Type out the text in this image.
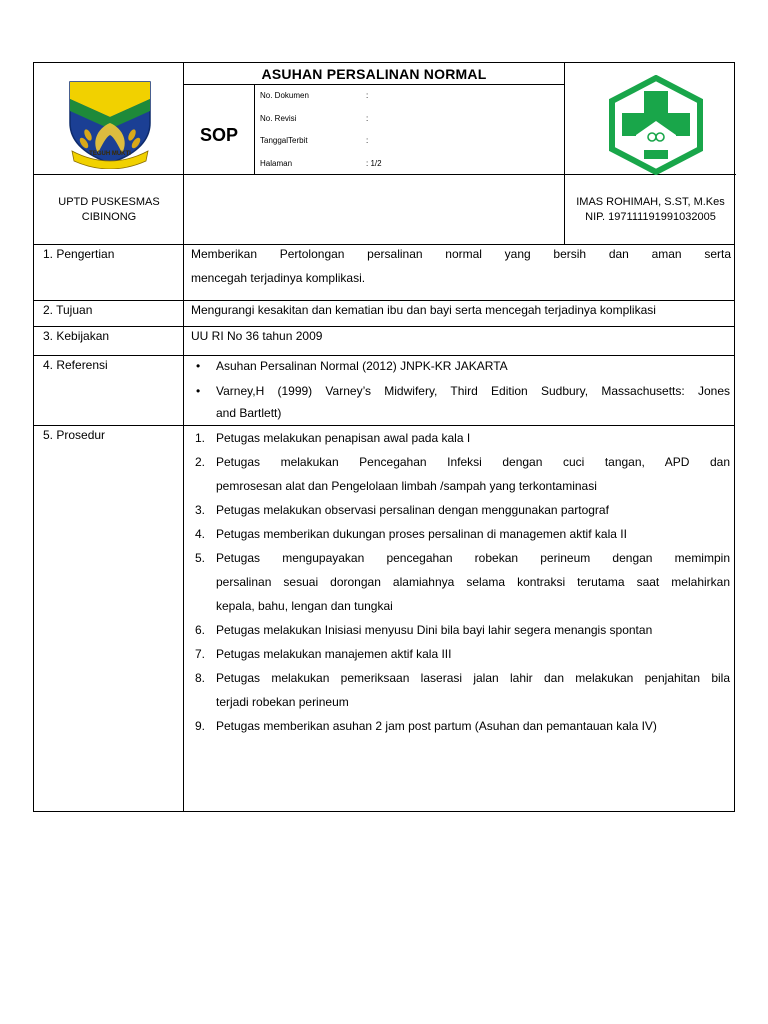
TEGUH MUKTI
ASUHAN PERSALINAN NORMAL
SOP
No. Dokumen	:
No. Revisi	:
TanggalTerbit	:
Halaman	: 1/2
UPTD PUSKESMAS
CIBINONG
IMAS ROHIMAH, S.ST, M.Kes
NIP. 197111191991032005
1. Pengertian	Memberikan Pertolongan persalinan normal yang bersih dan aman serta
mencegah terjadinya komplikasi.
2. Tujuan	Mengurangi kesakitan dan kematian ibu dan bayi serta mencegah terjadinya komplikasi
3. Kebijakan	UU RI No 36 tahun 2009
4. Referensi	• Asuhan Persalinan Normal (2012) JNPK-KR JAKARTA
• Varney,H (1999) Varney’s Midwifery, Third Edition Sudbury, Massachusetts: Jones
and Bartlett)
5. Prosedur	1. Petugas melakukan penapisan awal pada kala I
2. Petugas melakukan Pencegahan Infeksi dengan cuci tangan, APD dan
pemrosesan alat dan Pengelolaan limbah /sampah yang terkontaminasi
3. Petugas melakukan observasi persalinan dengan menggunakan partograf
4. Petugas memberikan dukungan proses persalinan di managemen aktif kala II
5. Petugas mengupayakan pencegahan robekan perineum dengan memimpin
persalinan sesuai dorongan alamiahnya selama kontraksi terutama saat melahirkan
kepala, bahu, lengan dan tungkai
6. Petugas melakukan Inisiasi menyusu Dini bila bayi lahir segera menangis spontan
7. Petugas melakukan manajemen aktif kala III
8. Petugas melakukan pemeriksaan laserasi jalan lahir dan melakukan penjahitan bila
terjadi robekan perineum
9. Petugas memberikan asuhan 2 jam post partum (Asuhan dan pemantauan kala IV)
